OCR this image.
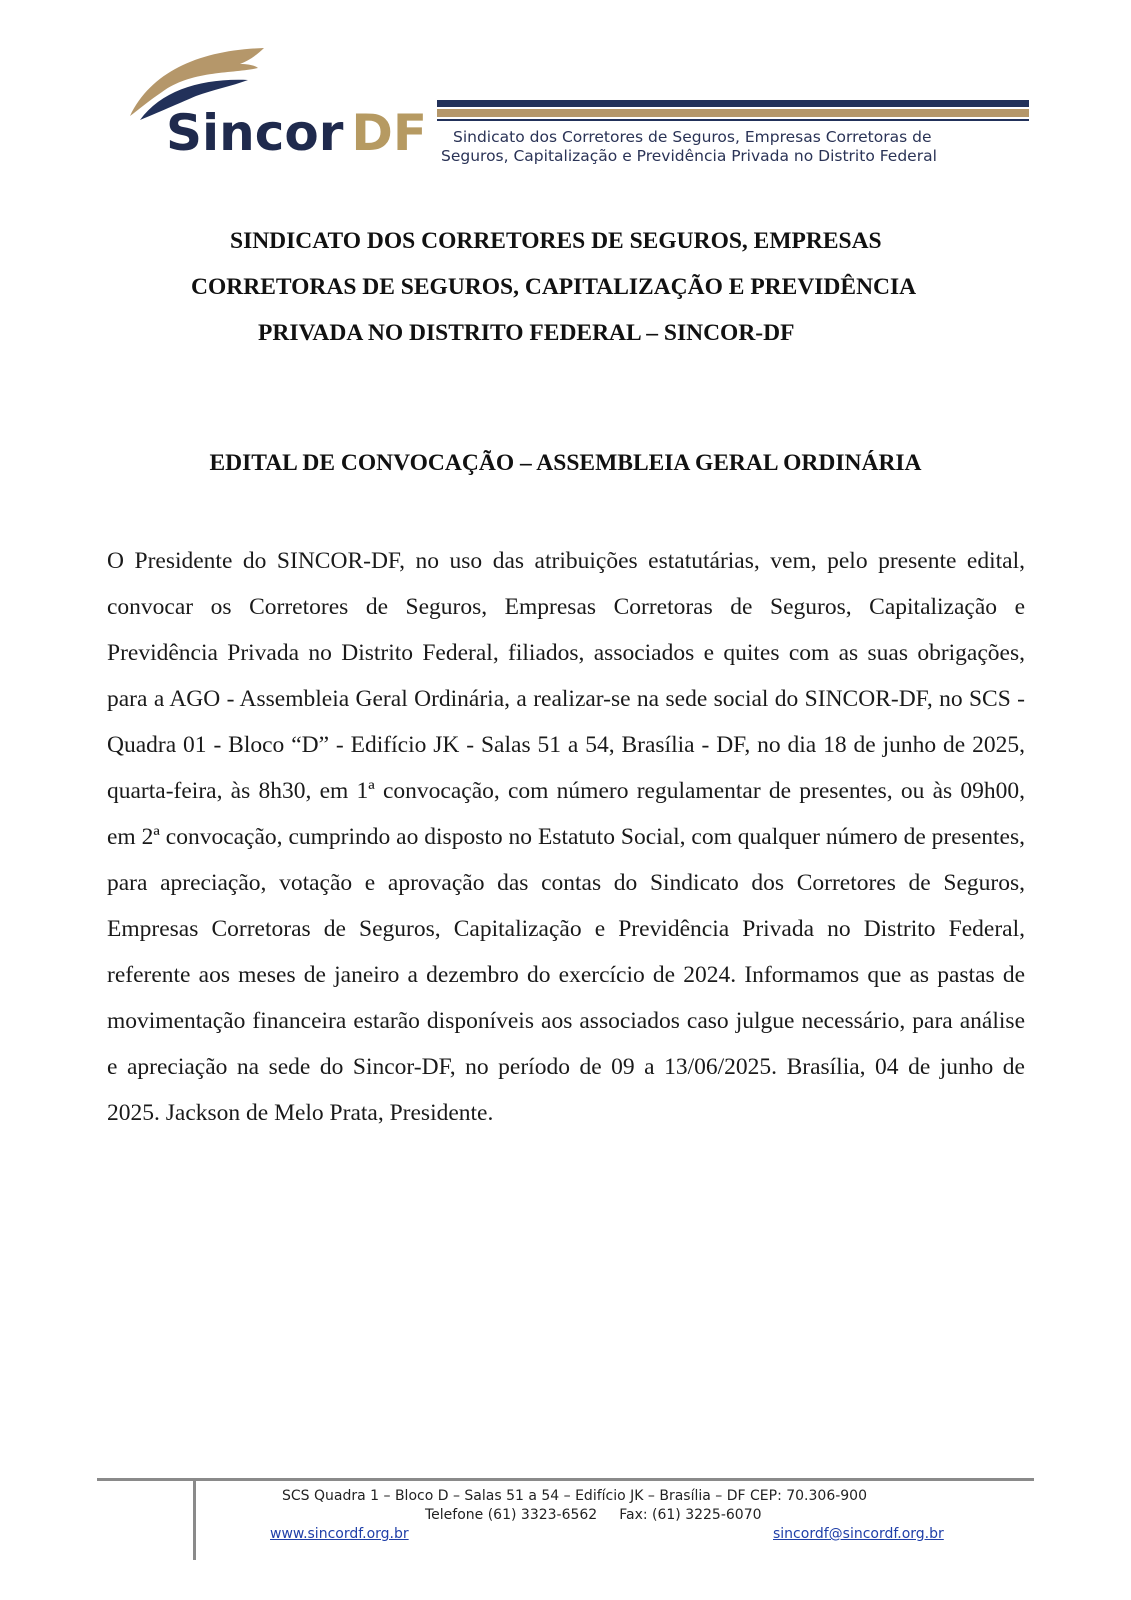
Sincor DF	Sindicato dos Corretores de Seguros, Empresas Corretoras de
Seguros, Capitalização e Previdência Privada no Distrito Federal
SINDICATO DOS CORRETORES DE SEGUROS, EMPRESAS
CORRETORAS DE SEGUROS, CAPITALIZAÇÃO E PREVIDÊNCIA
PRIVADA NO DISTRITO FEDERAL – SINCOR-DF
EDITAL DE CONVOCAÇÃO – ASSEMBLEIA GERAL ORDINÁRIA

O Presidente do SINCOR-DF, no uso das atribuições estatutárias, vem, pelo presente edital, convocar os Corretores de Seguros, Empresas Corretoras de Seguros, Capitalização e Previdência Privada no Distrito Federal, filiados, associados e quites com as suas obrigações, para a AGO - Assembleia Geral Ordinária, a realizar-se na sede social do SINCOR-DF, no SCS - Quadra 01 - Bloco “D” - Edifício JK - Salas 51 a 54, Brasília - DF, no dia 18 de junho de 2025, quarta-feira, às 8h30, em 1ª convocação, com número regulamentar de presentes, ou às 09h00, em 2ª convocação, cumprindo ao disposto no Estatuto Social, com qualquer número de presentes, para apreciação, votação e aprovação das contas do Sindicato dos Corretores de Seguros, Empresas Corretoras de Seguros, Capitalização e Previdência Privada no Distrito Federal, referente aos meses de janeiro a dezembro do exercício de 2024. Informamos que as pastas de movimentação financeira estarão disponíveis aos associados caso julgue necessário, para análise e apreciação na sede do Sincor-DF, no período de 09 a 13/06/2025. Brasília, 04 de junho de 2025. Jackson de Melo Prata, Presidente.

SCS Quadra 1 – Bloco D – Salas 51 a 54 – Edifício JK – Brasília – DF CEP: 70.306-900
Telefone (61) 3323-6562 Fax: (61) 3225-6070
www.sincordf.org.br	sincordf@sincordf.org.br
